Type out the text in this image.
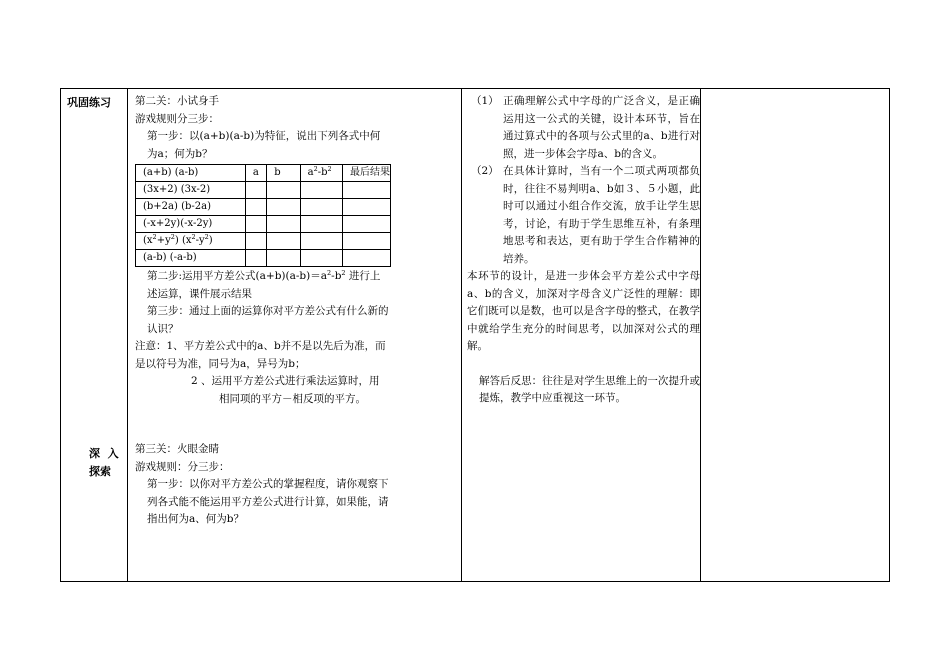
巩固练习
深  入
探索

第二关：小试身手

游戏规则分三步：

第一步：以(a+b)(a-b)为特征，说出下列各式中何为a；何为b？

(a+b) (a-b)	a	b	$a^2-b^2$	最后结果
(3x+2) (3x-2)				
(b+2a) (b-2a)				
(-x+2y)(-x-2y)				
$(x^2+y^2)$ $(x^2-y^2)$				
(a-b) (-a-b)				

第二步:运用平方差公式$(a+b)(a-b)=a^2-b^2$ 进行上述运算，课件展示结果

第三步：通过上面的运算你对平方差公式有什么新的认识？

注意：1、平方差公式中的a、b并不是以先后为准，而是以符号为准，同号为a，异号为b；

2 、运用平方差公式进行乘法运算时，用

相同项的平方－相反项的平方。

第三关：火眼金睛

游戏规则：分三步：

第一步：以你对平方差公式的掌握程度，请你观察下列各式能不能运用平方差公式进行计算，如果能，请指出何为a、何为b？

（1） 正确理解公式中字母的广泛含义，是正确运用这一公式的关键，设计本环节，旨在通过算式中的各项与公式里的a、b进行对照，进一步体会字母a、b的含义。

（2） 在具体计算时，当有一个二项式两项都负时，往往不易判明a、b如３、５小题，此时可以通过小组合作交流，放手让学生思考，讨论，有助于学生思维互补，有条理地思考和表达，更有助于学生合作精神的培养。

本环节的设计，是进一步体会平方差公式中字母a、b的含义，加深对字母含义广泛性的理解：即它们既可以是数，也可以是含字母的整式，在教学中就给学生充分的时间思考，以加深对公式的理解。

解答后反思：往往是对学生思维上的一次提升或提炼，教学中应重视这一环节。
